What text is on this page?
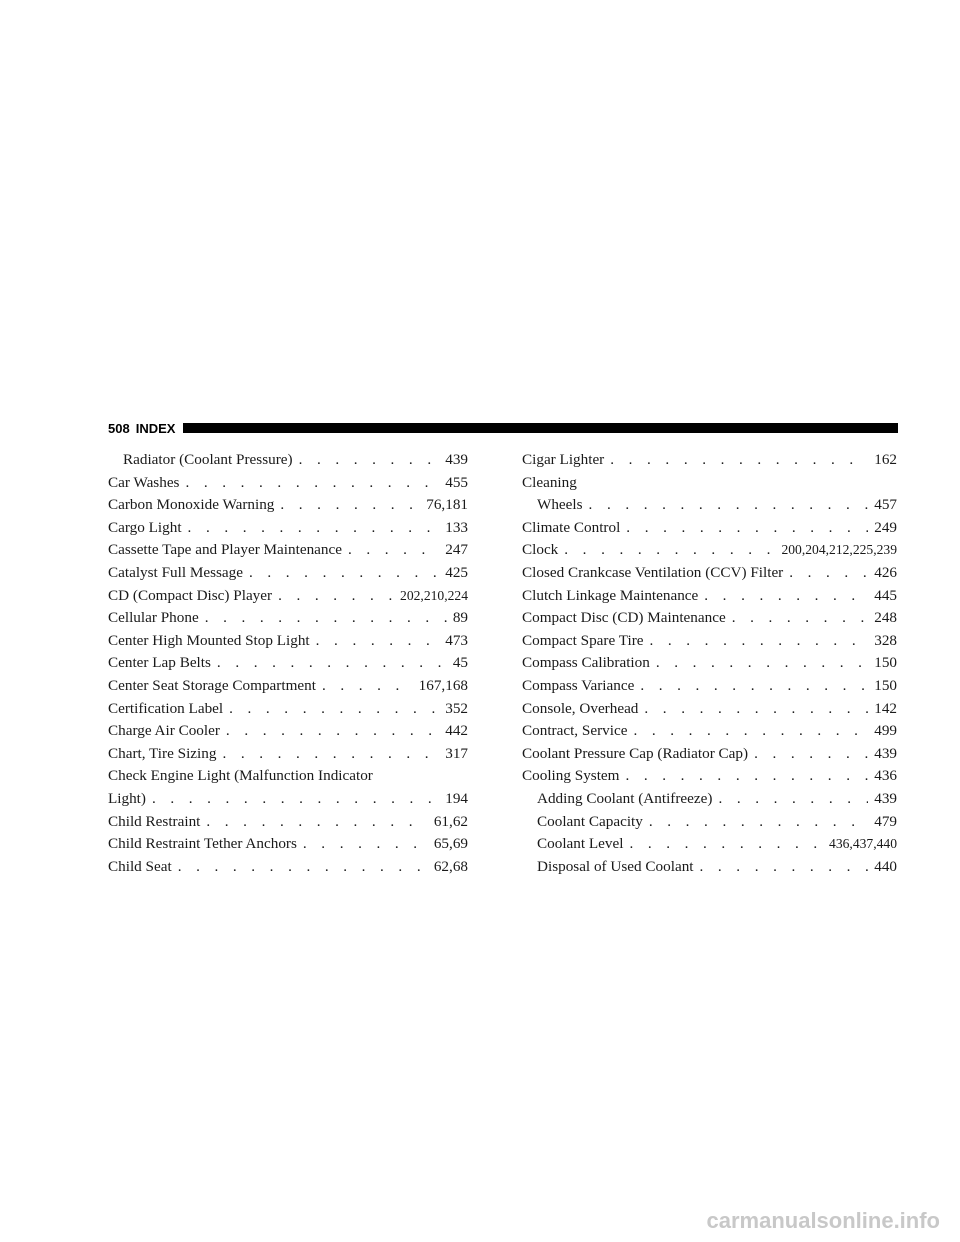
508 INDEX
Radiator (Coolant Pressure) . . .	439
Car Washes . . .	455
Carbon Monoxide Warning . . .	76,181
Cargo Light . . .	133
Cassette Tape and Player Maintenance . . .	247
Catalyst Full Message . . .	425
CD (Compact Disc) Player . . .	202,210,224
Cellular Phone . . .	89
Center High Mounted Stop Light . . .	473
Center Lap Belts . . .	45
Center Seat Storage Compartment . . .	167,168
Certification Label . . .	352
Charge Air Cooler . . .	442
Chart, Tire Sizing . . .	317
Check Engine Light (Malfunction Indicator
Light) . . .	194
Child Restraint . . .	61,62
Child Restraint Tether Anchors . . .	65,69
Child Seat . . .	62,68
Cigar Lighter . . .	162
Cleaning
Wheels . . .	457
Climate Control . . .	249
Clock . . .	200,204,212,225,239
Closed Crankcase Ventilation (CCV) Filter . . .	426
Clutch Linkage Maintenance . . .	445
Compact Disc (CD) Maintenance . . .	248
Compact Spare Tire . . .	328
Compass Calibration . . .	150
Compass Variance . . .	150
Console, Overhead . . .	142
Contract, Service . . .	499
Coolant Pressure Cap (Radiator Cap) . . .	439
Cooling System . . .	436
Adding Coolant (Antifreeze) . . .	439
Coolant Capacity . . .	479
Coolant Level . . .	436,437,440
Disposal of Used Coolant . . .	440
carmanualsonline.info
